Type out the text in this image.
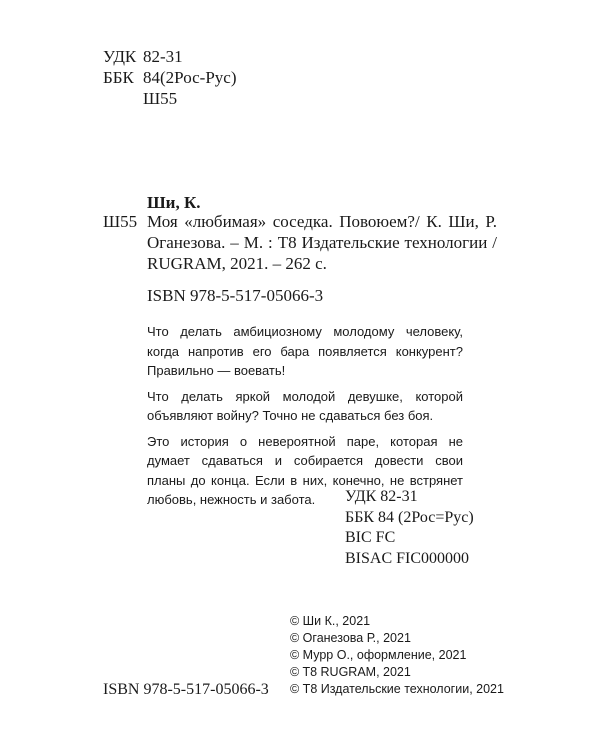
УДК 82-31
ББК 84(2Рос-Рус)
Ш55
Ши, К.
Ш55 Моя «любимая» соседка. Повоюем?/ К. Ши, Р. Оганезова. – М. : Т8 Издательские технологии / RUGRAM, 2021. – 262 с.
ISBN 978-5-517-05066-3

Что делать амбициозному молодому человеку, когда напротив его бара появляется конкурент? Правильно — воевать!

Что делать яркой молодой девушке, которой объявляют войну? Точно не сдаваться без боя.

Это история о невероятной паре, которая не думает сдаваться и собирается довести свои планы до конца. Если в них, конечно, не встрянет любовь, нежность и забота.	УДК 82-31
ББК 84 (2Рос=Рус)
BIC FC
BISAC FIC000000
© Ши К., 2021
© Оганезова Р., 2021
© Мурр О., оформление, 2021
© T8 RUGRAM, 2021
© Т8 Издательские технологии, 2021
ISBN 978-5-517-05066-3
